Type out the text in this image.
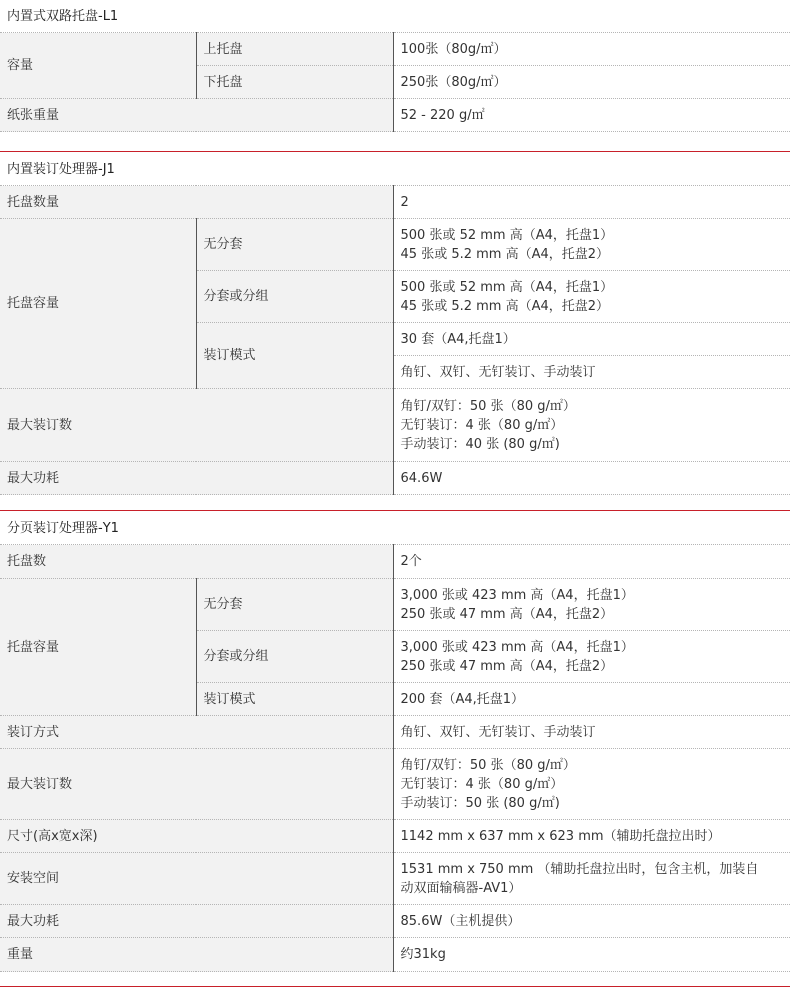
内置式双路托盘-L1
容量	上托盘	100张（80g/㎡）

	下托盘	250张（80g/㎡）

纸张重量		52 - 220 g/㎡
内置装订处理器-J1
托盘数量		2

托盘容量	无分套	500 张或 52 mm 高（A4，托盘1）
45 张或 5.2 mm 高（A4，托盘2）

	分套或分组	500 张或 52 mm 高（A4，托盘1）
45 张或 5.2 mm 高（A4，托盘2）

	装订模式	30 套（A4,托盘1）

		角钉、双钉、无钉装订、手动装订

最大装订数		角钉/双钉：50 张（80 g/㎡）
无钉装订：4 张（80 g/㎡）
手动装订：40 张 (80 g/㎡)

最大功耗		64.6W
分页装订处理器-Y1
托盘数		2个

托盘容量	无分套	3,000 张或 423 mm 高（A4，托盘1）
250 张或 47 mm 高（A4，托盘2）

	分套或分组	3,000 张或 423 mm 高（A4，托盘1）
250 张或 47 mm 高（A4，托盘2）

	装订模式	200 套（A4,托盘1）

装订方式		角钉、双钉、无钉装订、手动装订

最大装订数		角钉/双钉：50 张（80 g/㎡）
无钉装订：4 张（80 g/㎡）
手动装订：50 张 (80 g/㎡)

尺寸(高x宽x深)		1142 mm x 637 mm x 623 mm（辅助托盘拉出时）

安装空间		1531 mm x 750 mm （辅助托盘拉出时，包含主机，加装自
动双面输稿器-AV1）

最大功耗		85.6W（主机提供）

重量		约31kg
